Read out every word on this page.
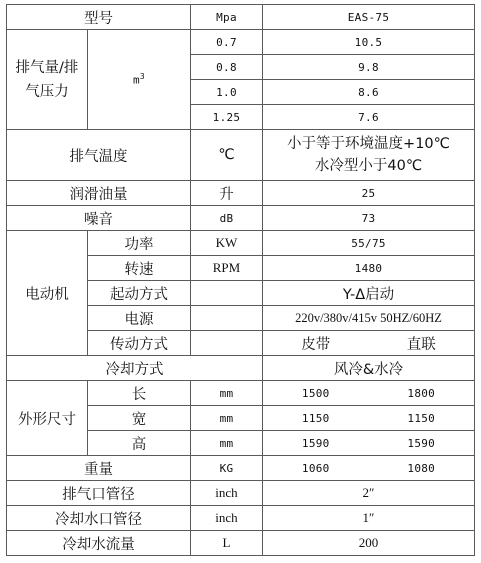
型号		Mpa	EAS-75
排气量/排气压力	$m^3$	0.7	10.5
		0.8	9.8
		1.0	8.6
		1.25	7.6
排气温度		℃	小于等于环境温度+10℃
水冷型小于40℃

润滑油量		升	25
噪音		dB	73
电动机	功率	KW	55/75
	转速	RPM	1480
	起动方式		Y-Δ启动
	电源		220v/380v/415v 50HZ/60HZ
	传动方式		皮带 直联
冷却方式			风冷&水冷
外形尺寸	长	mm	1500 1800
	宽	mm	1150 1150
	高	mm	1590 1590
重量		KG	1060 1080
排气口管径		inch	2″
冷却水口管径		inch	1″
冷却水流量		L	200
